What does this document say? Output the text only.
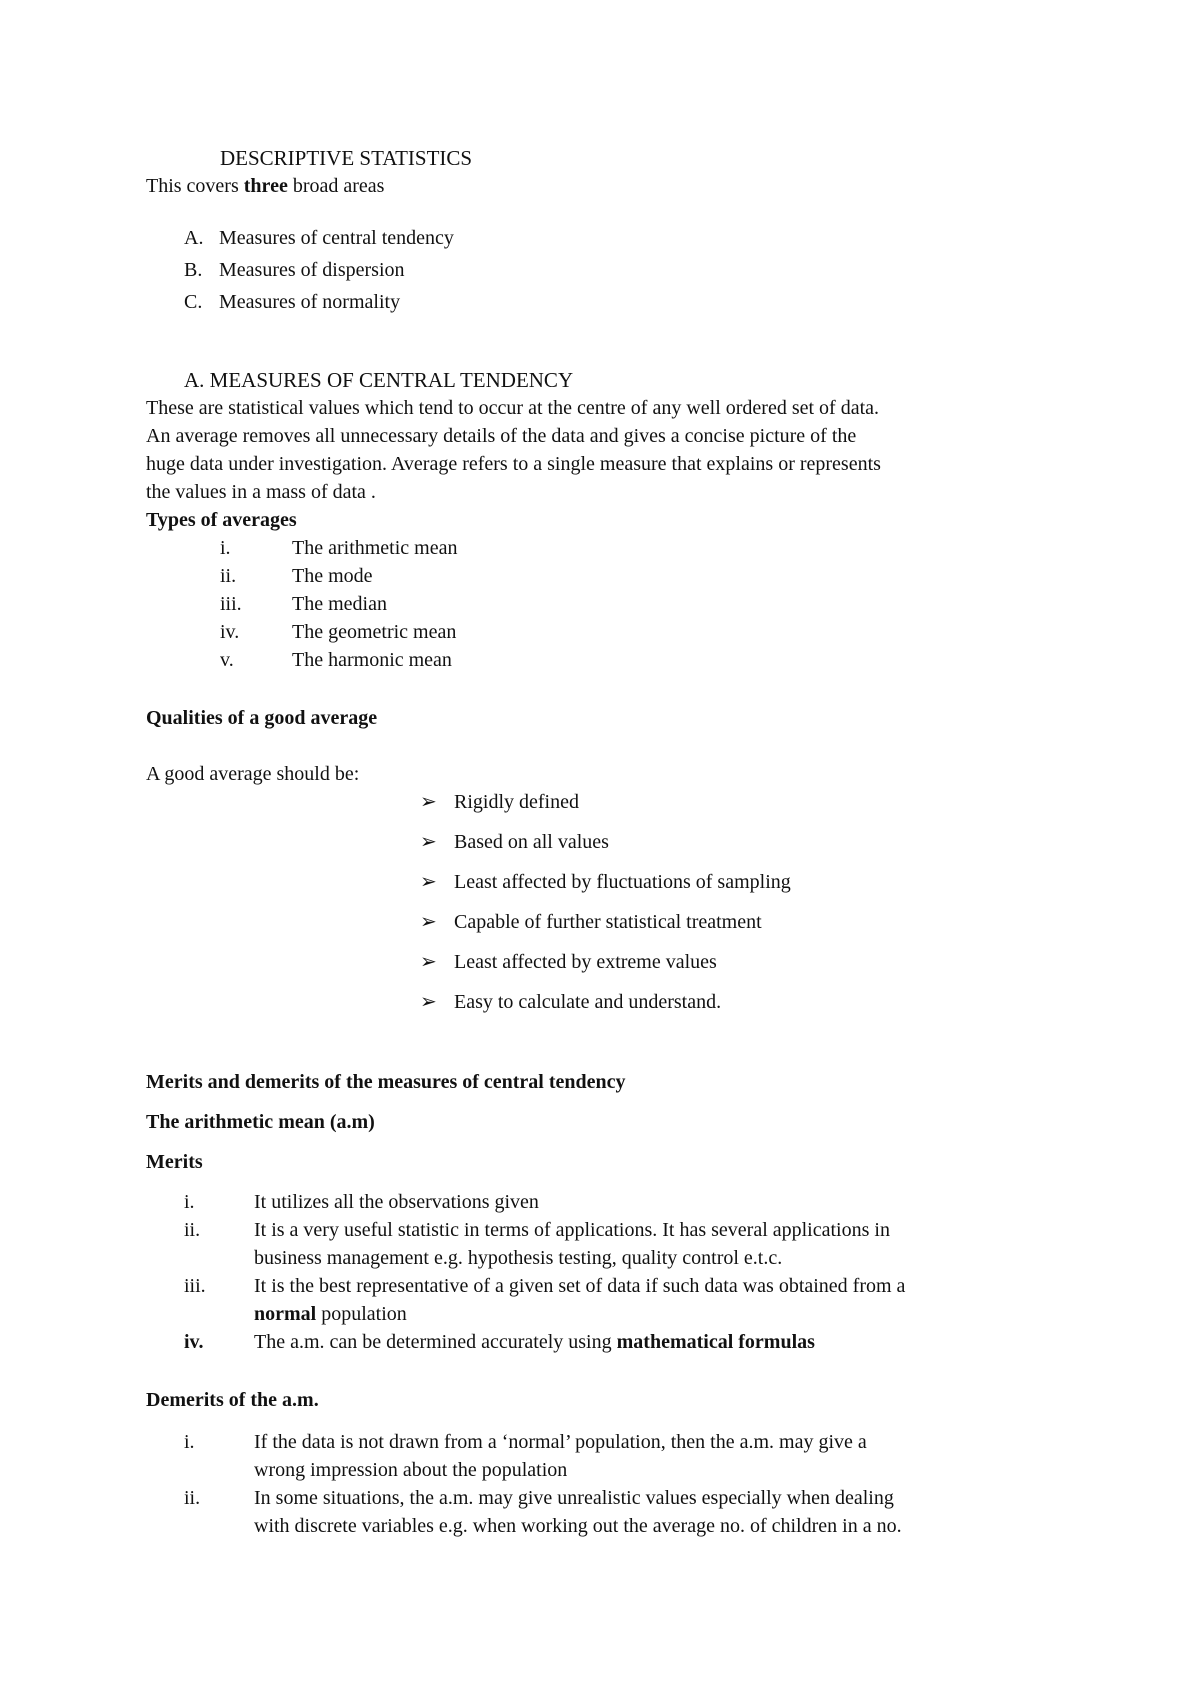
DESCRIPTIVE STATISTICS
This covers three broad areas
A. Measures of central tendency
B. Measures of dispersion
C. Measures of normality
A. MEASURES OF CENTRAL TENDENCY
These are statistical values which tend to occur at the centre of any well ordered set of data.
An average removes all unnecessary details of the data and gives a concise picture of the
huge data under investigation. Average refers to a single measure that explains or represents
the values in a mass of data .
Types of averages
i.	The arithmetic mean
ii.	The mode
iii.	The median
iv.	The geometric mean
v.	The harmonic mean
Qualities of a good average
A good average should be:
➢ Rigidly defined
➢ Based on all values
➢ Least affected by fluctuations of sampling
➢ Capable of further statistical treatment
➢ Least affected by extreme values
➢ Easy to calculate and understand.
Merits and demerits of the measures of central tendency
The arithmetic mean (a.m)
Merits
i.	It utilizes all the observations given
ii.	It is a very useful statistic in terms of applications. It has several applications in
business management e.g. hypothesis testing, quality control e.t.c.
iii. It is the best representative of a given set of data if such data was obtained from a
normal population
iv.	The a.m. can be determined accurately using mathematical formulas
Demerits of the a.m.
i.	If the data is not drawn from a ‘normal’ population, then the a.m. may give a
wrong impression about the population
ii.	In some situations, the a.m. may give unrealistic values especially when dealing
with discrete variables e.g. when working out the average no. of children in a no.
